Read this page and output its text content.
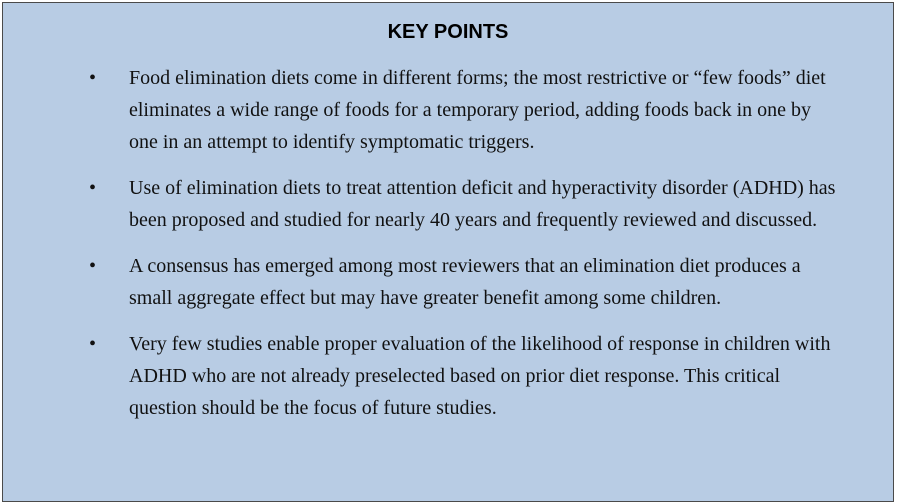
KEY POINTS
• Food elimination diets come in different forms; the most restrictive or “few foods” diet eliminates a wide range of foods for a temporary period, adding foods back in one by one in an attempt to identify symptomatic triggers.
• Use of elimination diets to treat attention deficit and hyperactivity disorder (ADHD) has been proposed and studied for nearly 40 years and frequently reviewed and discussed.
• A consensus has emerged among most reviewers that an elimination diet produces a small aggregate effect but may have greater benefit among some children.
• Very few studies enable proper evaluation of the likelihood of response in children with ADHD who are not already preselected based on prior diet response. This critical question should be the focus of future studies.
